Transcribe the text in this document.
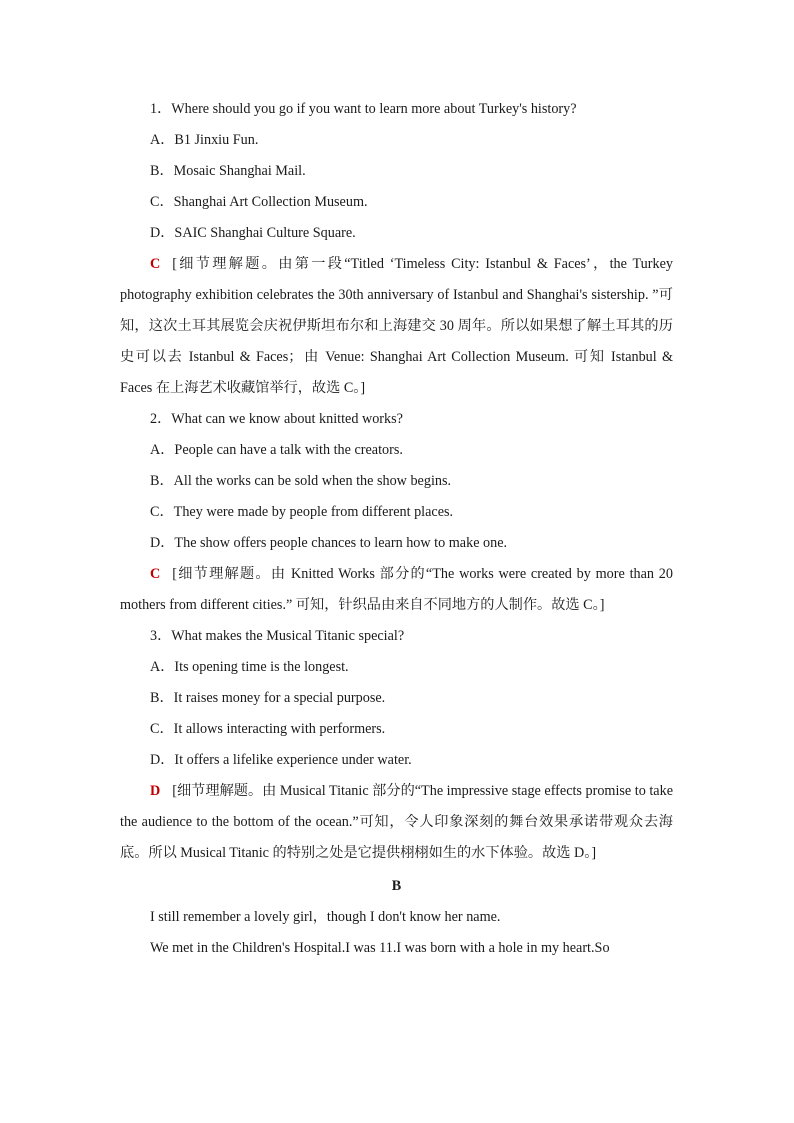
1．Where should you go if you want to learn more about Turkey's history?
A．B1 Jinxiu Fun.
B．Mosaic Shanghai Mail.
C．Shanghai Art Collection Museum.
D．SAIC Shanghai Culture Square.
C [细节理解题。由第一段“Titled ‘Timeless City: Istanbul & Faces’，the Turkey photography exhibition celebrates the 30th anniversary of Istanbul and Shanghai's sistership. ”可知，这次土耳其展览会庆祝伊斯坦布尔和上海建交 30 周年。所以如果想了解土耳其的历史可以去 Istanbul & Faces；由 Venue: Shanghai Art Collection Museum. 可知 Istanbul & Faces 在上海艺术收藏馆举行，故选 C。]
2．What can we know about knitted works?
A．People can have a talk with the creators.
B．All the works can be sold when the show begins.
C．They were made by people from different places.
D．The show offers people chances to learn how to make one.
C [细节理解题。由 Knitted Works 部分的“The works were created by more than 20 mothers from different cities.” 可知，针织品由来自不同地方的人制作。故选 C。]
3．What makes the Musical Titanic special?
A．Its opening time is the longest.
B．It raises money for a special purpose.
C．It allows interacting with performers.
D．It offers a lifelike experience under water.
D [细节理解题。由 Musical Titanic 部分的“The impressive stage effects promise to take the audience to the bottom of the ocean.”可知，令人印象深刻的舞台效果承诺带观众去海底。所以 Musical Titanic 的特别之处是它提供栩栩如生的水下体验。故选 D。]
B
I still remember a lovely girl，though I don't know her name.
We met in the Children's Hospital.I was 11.I was born with a hole in my heart.So
